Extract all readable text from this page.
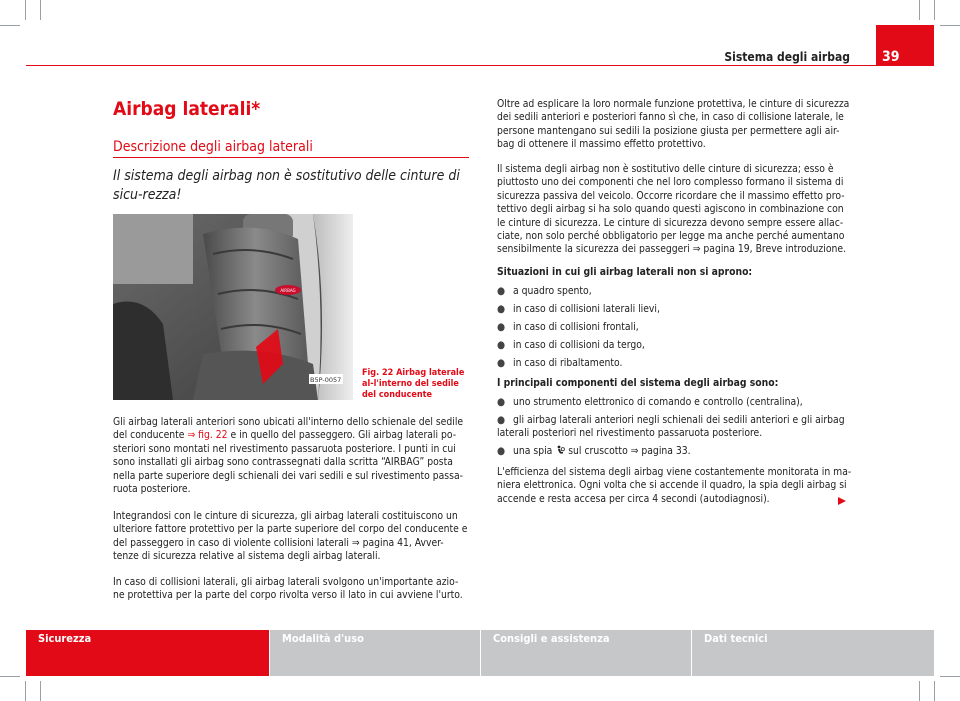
Sistema degli airbag 39
Airbag laterali*
Descrizione degli airbag laterali
Il sistema degli airbag non è sostitutivo delle cinture di sicu-rezza!
AIRBAG
B5P-0057
Fig. 22 Airbag laterale al-l'interno del sedile del conducente
Gli airbag laterali anteriori sono ubicati all'interno dello schienale del sedile
del conducente ⇒ fig. 22 e in quello del passeggero. Gli airbag laterali po-
steriori sono montati nel rivestimento passaruota posteriore. I punti in cui
sono installati gli airbag sono contrassegnati dalla scritta “AIRBAG” posta
nella parte superiore degli schienali dei vari sedili e sul rivestimento passa-
ruota posteriore.
Integrandosi con le cinture di sicurezza, gli airbag laterali costituiscono un
ulteriore fattore protettivo per la parte superiore del corpo del conducente e
del passeggero in caso di violente collisioni laterali ⇒ pagina 41, Avver-
tenze di sicurezza relative al sistema degli airbag laterali.
In caso di collisioni laterali, gli airbag laterali svolgono un'importante azio-
ne protettiva per la parte del corpo rivolta verso il lato in cui avviene l'urto.
Oltre ad esplicare la loro normale funzione protettiva, le cinture di sicurezza
dei sedili anteriori e posteriori fanno sì che, in caso di collisione laterale, le
persone mantengano sui sedili la posizione giusta per permettere agli air-
bag di ottenere il massimo effetto protettivo.
Il sistema degli airbag non è sostitutivo delle cinture di sicurezza; esso è
piuttosto uno dei componenti che nel loro complesso formano il sistema di
sicurezza passiva del veicolo. Occorre ricordare che il massimo effetto pro-
tettivo degli airbag si ha solo quando questi agiscono in combinazione con
le cinture di sicurezza. Le cinture di sicurezza devono sempre essere allac-
ciate, non solo perché obbligatorio per legge ma anche perché aumentano
sensibilmente la sicurezza dei passeggeri ⇒ pagina 19, Breve introduzione.
Situazioni in cui gli airbag laterali non si aprono:
● a quadro spento,
● in caso di collisioni laterali lievi,
● in caso di collisioni frontali,
● in caso di collisioni da tergo,
● in caso di ribaltamento.
I principali componenti del sistema degli airbag sono:
● uno strumento elettronico di comando e controllo (centralina),
● gli airbag laterali anteriori negli schienali dei sedili anteriori e gli airbag
laterali posteriori nel rivestimento passaruota posteriore.
● una spia sul cruscotto ⇒ pagina 33.
L'efficienza del sistema degli airbag viene costantemente monitorata in ma-
niera elettronica. Ogni volta che si accende il quadro, la spia degli airbag si
accende e resta accesa per circa 4 secondi (autodiagnosi).
Sicurezza	Modalità d'uso	Consigli e assistenza	Dati tecnici
